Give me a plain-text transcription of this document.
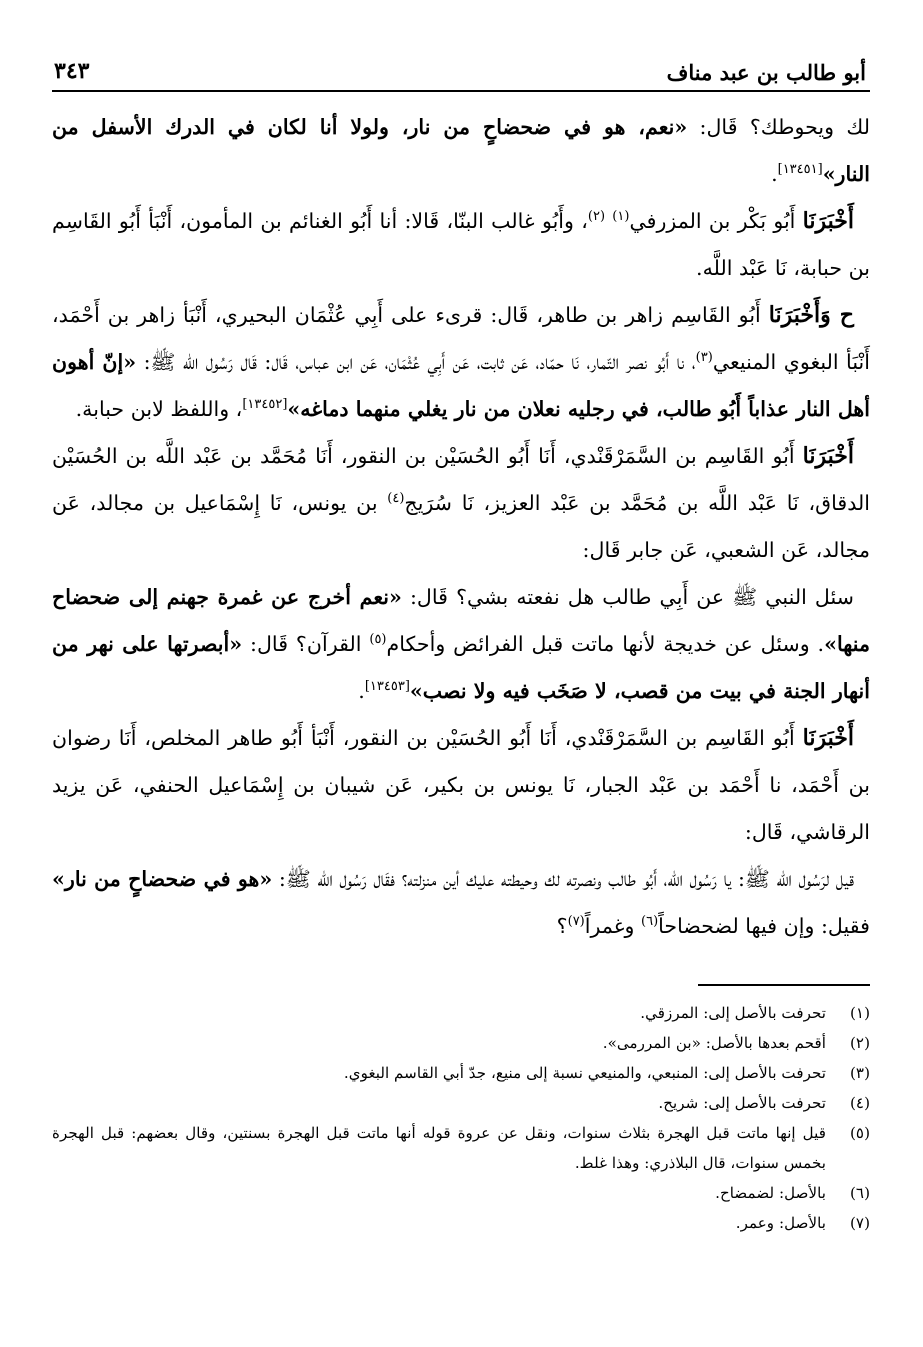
أبو طالب بن عبد مناف
٣٤٣

لك ويحوطك؟ قَال: «نعم، هو في ضحضاحٍ من نار، ولولا أنا لكان في الدرك الأسفل من النار»[١٣٤٥١].

أَخْبَرَنَا أَبُو بَكْر بن المزرفي$^{(١)}$ $^{(٢)}$، وأَبُو غالب البنّا، قَالا: أنا أَبُو الغنائم بن المأمون، أَنْبَأ أَبُو القَاسِم بن حبابة، نَا عَبْد اللَّه.

ح وَأَخْبَرَنَا أَبُو القَاسِم زاهر بن طاهر، قَال: قرىء على أَبِي عُثْمَان البحيري، أَنْبَأ زاهر بن أَحْمَد، أَنْبَأ البغوي المنيعي$^{(٣)}$، نا أَبُو نصر التّمار، نَا حمّاد، عَن ثابت، عَن أَبِي عُثْمَان، عَن ابن عباس، قَال: قَال رَسُول الله ﷺ: «إنّ أهون أهل النار عذاباً أَبُو طالب، في رجليه نعلان من نار يغلي منهما دماغه»[١٣٤٥٢]، واللفظ لابن حبابة.

أَخْبَرَنَا أَبُو القَاسِم بن السَّمَرْقَنْدي، أَنَا أَبُو الحُسَيْن بن النقور، أَنَا مُحَمَّد بن عَبْد اللَّه بن الحُسَيْن الدقاق، نَا عَبْد اللَّه بن مُحَمَّد بن عَبْد العزيز، نَا سُرَيج$^{(٤)}$ بن يونس، نَا إِسْمَاعيل بن مجالد، عَن مجالد، عَن الشعبي، عَن جابر قَال:

سئل النبي ﷺ عن أَبِي طالب هل نفعته بشي؟ قَال: «نعم أخرج عن غمرة جهنم إلى ضحضاح منها». وسئل عن خديجة لأنها ماتت قبل الفرائض وأحكام$^{(٥)}$ القرآن؟ قَال: «أبصرتها على نهر من أنهار الجنة في بيت من قصب، لا صَخَب فيه ولا نصب»[١٣٤٥٣].

أَخْبَرَنَا أَبُو القَاسِم بن السَّمَرْقَنْدي، أَنَا أَبُو الحُسَيْن بن النقور، أَنْبَأ أَبُو طاهر المخلص، أَنَا رضوان بن أَحْمَد، نا أَحْمَد بن عَبْد الجبار، نَا يونس بن بكير، عَن شيبان بن إِسْمَاعيل الحنفي، عَن يزيد الرقاشي، قَال:

قيل لرَسُول الله ﷺ: يا رَسُول الله، أَبُو طالب ونصرته لك وحيطته عليك أين منزلته؟ فقَال رَسُول الله ﷺ: «هو في ضحضاحٍ من نار» فقيل: وإن فيها لضحضاحاً$^{(٦)}$ وغمراً$^{(٧)}$؟

(١)
تحرفت بالأصل إلى: المرزقي.
(٢)
أقحم بعدها بالأصل: «بن المررمى».
(٣)
تحرفت بالأصل إلى: المنبعي، والمنيعي نسبة إلى منيع، جدّ أبي القاسم البغوي.
(٤)
تحرفت بالأصل إلى: شريح.
(٥)
قيل إنها ماتت قبل الهجرة بثلاث سنوات، ونقل عن عروة قوله أنها ماتت قبل الهجرة بسنتين، وقال بعضهم: قبل الهجرة بخمس سنوات، قال البلاذري: وهذا غلط.
(٦)
بالأصل: لضمضاح.
(٧)
بالأصل: وعمر.
